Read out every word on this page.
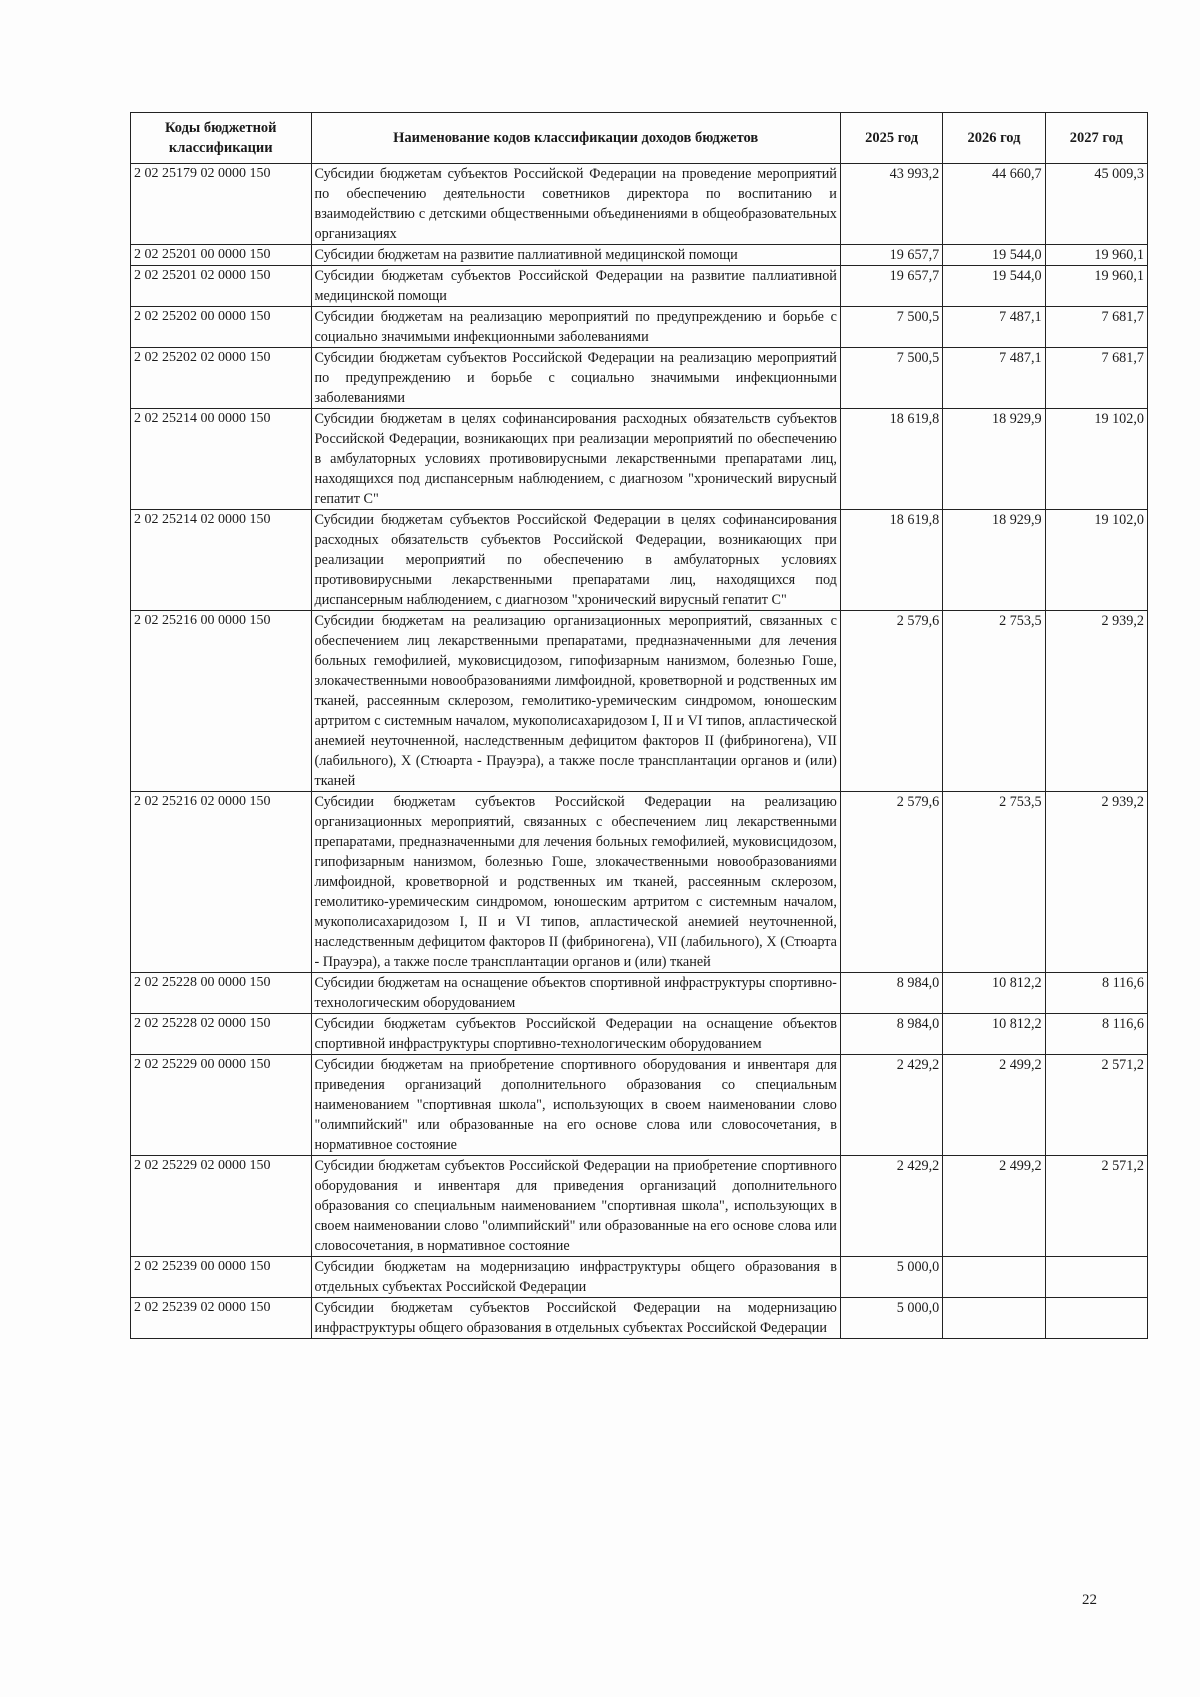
Коды бюджетной классификации	Наименование кодов классификации доходов бюджетов	2025 год	2026 год	2027 год
2 02 25179 02 0000 150	Субсидии бюджетам субъектов Российской Федерации на проведение мероприятий по обеспечению деятельности советников директора по воспитанию и взаимодействию с детскими общественными объединениями в общеобразовательных организациях	43 993,2	44 660,7	45 009,3
2 02 25201 00 0000 150	Субсидии бюджетам на развитие паллиативной медицинской помощи	19 657,7	19 544,0	19 960,1
2 02 25201 02 0000 150	Субсидии бюджетам субъектов Российской Федерации на развитие паллиативной медицинской помощи	19 657,7	19 544,0	19 960,1
2 02 25202 00 0000 150	Субсидии бюджетам на реализацию мероприятий по предупреждению и борьбе с социально значимыми инфекционными заболеваниями	7 500,5	7 487,1	7 681,7
2 02 25202 02 0000 150	Субсидии бюджетам субъектов Российской Федерации на реализацию мероприятий по предупреждению и борьбе с социально значимыми инфекционными заболеваниями	7 500,5	7 487,1	7 681,7
2 02 25214 00 0000 150	Субсидии бюджетам в целях софинансирования расходных обязательств субъектов Российской Федерации, возникающих при реализации мероприятий по обеспечению в амбулаторных условиях противовирусными лекарственными препаратами лиц, находящихся под диспансерным наблюдением, с диагнозом "хронический вирусный гепатит C"	18 619,8	18 929,9	19 102,0
2 02 25214 02 0000 150	Субсидии бюджетам субъектов Российской Федерации в целях софинансирования расходных обязательств субъектов Российской Федерации, возникающих при реализации мероприятий по обеспечению в амбулаторных условиях противовирусными лекарственными препаратами лиц, находящихся под диспансерным наблюдением, с диагнозом "хронический вирусный гепатит C"	18 619,8	18 929,9	19 102,0
2 02 25216 00 0000 150	Субсидии бюджетам на реализацию организационных мероприятий, связанных с обеспечением лиц лекарственными препаратами, предназначенными для лечения больных гемофилией, муковисцидозом, гипофизарным нанизмом, болезнью Гоше, злокачественными новообразованиями лимфоидной, кроветворной и родственных им тканей, рассеянным склерозом, гемолитико-уремическим синдромом, юношеским артритом с системным началом, мукополисахаридозом I, II и VI типов, апластической анемией неуточненной, наследственным дефицитом факторов II (фибриногена), VII (лабильного), X (Стюарта - Прауэра), а также после трансплантации органов и (или) тканей	2 579,6	2 753,5	2 939,2
2 02 25216 02 0000 150	Субсидии бюджетам субъектов Российской Федерации на реализацию организационных мероприятий, связанных с обеспечением лиц лекарственными препаратами, предназначенными для лечения больных гемофилией, муковисцидозом, гипофизарным нанизмом, болезнью Гоше, злокачественными новообразованиями лимфоидной, кроветворной и родственных им тканей, рассеянным склерозом, гемолитико-уремическим синдромом, юношеским артритом с системным началом, мукополисахаридозом I, II и VI типов, апластической анемией неуточненной, наследственным дефицитом факторов II (фибриногена), VII (лабильного), X (Стюарта - Прауэра), а также после трансплантации органов и (или) тканей	2 579,6	2 753,5	2 939,2
2 02 25228 00 0000 150	Субсидии бюджетам на оснащение объектов спортивной инфраструктуры спортивно-технологическим оборудованием	8 984,0	10 812,2	8 116,6
2 02 25228 02 0000 150	Субсидии бюджетам субъектов Российской Федерации на оснащение объектов спортивной инфраструктуры спортивно-технологическим оборудованием	8 984,0	10 812,2	8 116,6
2 02 25229 00 0000 150	Субсидии бюджетам на приобретение спортивного оборудования и инвентаря для приведения организаций дополнительного образования со специальным наименованием "спортивная школа", использующих в своем наименовании слово "олимпийский" или образованные на его основе слова или словосочетания, в нормативное состояние	2 429,2	2 499,2	2 571,2
2 02 25229 02 0000 150	Субсидии бюджетам субъектов Российской Федерации на приобретение спортивного оборудования и инвентаря для приведения организаций дополнительного образования со специальным наименованием "спортивная школа", использующих в своем наименовании слово "олимпийский" или образованные на его основе слова или словосочетания, в нормативное состояние	2 429,2	2 499,2	2 571,2
2 02 25239 00 0000 150	Субсидии бюджетам на модернизацию инфраструктуры общего образования в отдельных субъектах Российской Федерации	5 000,0		
2 02 25239 02 0000 150	Субсидии бюджетам субъектов Российской Федерации на модернизацию инфраструктуры общего образования в отдельных субъектах Российской Федерации	5 000,0		
22
